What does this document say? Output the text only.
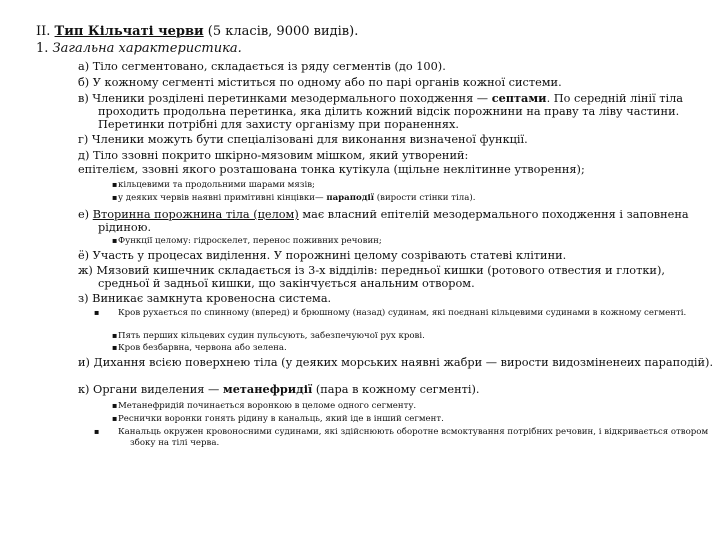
ІІ. Тип Кільчаті черви (5 класів, 9000 видів).
1. Загальна характеристика.

а) Тіло сегментовано, складається із ряду сегментів (до 100).

б) У кожному сегменті міститься по одному або по парі органів кожної системи.

в) Членики розділені перетинками мезодермального походження — септами. По середній лінії тіла проходить продольна перетинка, яка ділить кожний відсік порожнини на праву та ліву частини. Перетинки потрібні для захисту організму при пораненнях.

г) Членики можуть бути спеціалізовані для виконання визначеної функції.

д) Тіло ззовні покрито шкірно-мязовим мішком, який утворений:

епітелієм, ззовні якого розташована тонка кутікула (щільне неклітинне утворення);

▪кільцевими та продольними шарами мязів;

▪у деяких червів наявні примітивні кінцівки— параподії (вирости стінки тіла).

е) Вторинна порожнина тіла (целом) має власний епітелій мезодермального походження і заповнена рідиною.

▪Функції целому: гідроскелет, перенос поживних речовин;

ё) Участь у процесах виділення. У порожнині целому созрівають статеві клітини.

ж) Мязовий кишечник складається із 3-х відділів: передньої кишки (ротового отвестия и глотки), средньої й задньої кишки, що закінчується анальним отвором.

з) Виникає замкнута кровеносна система.

▪ Кров рухається по спинному (вперед) и брюшному (назад) судинам, які поєднані кільцевими судинами в кожному сегменті.

▪Пять перших кільцевих судин пульсують, забезпечуючої рух крові.

▪Кров безбарвна, червона або зелена.

и) Дихання всією поверхнею тіла (у деяких морських наявні жабри — вирости видозміненеих параподій).

к) Органи виделения — метанефридії (пара в кожному сегменті).

▪Метанефридій починається воронкою в целоме одного сегменту.

▪Реснички воронки гонять рідину в канальць, який іде в інший сегмент.

▪ Канальць окружен кровоносними судинами, які здійснюють оборотне всмоктування потрібних речовин, і відкривається отвором збоку на тілі черва.
